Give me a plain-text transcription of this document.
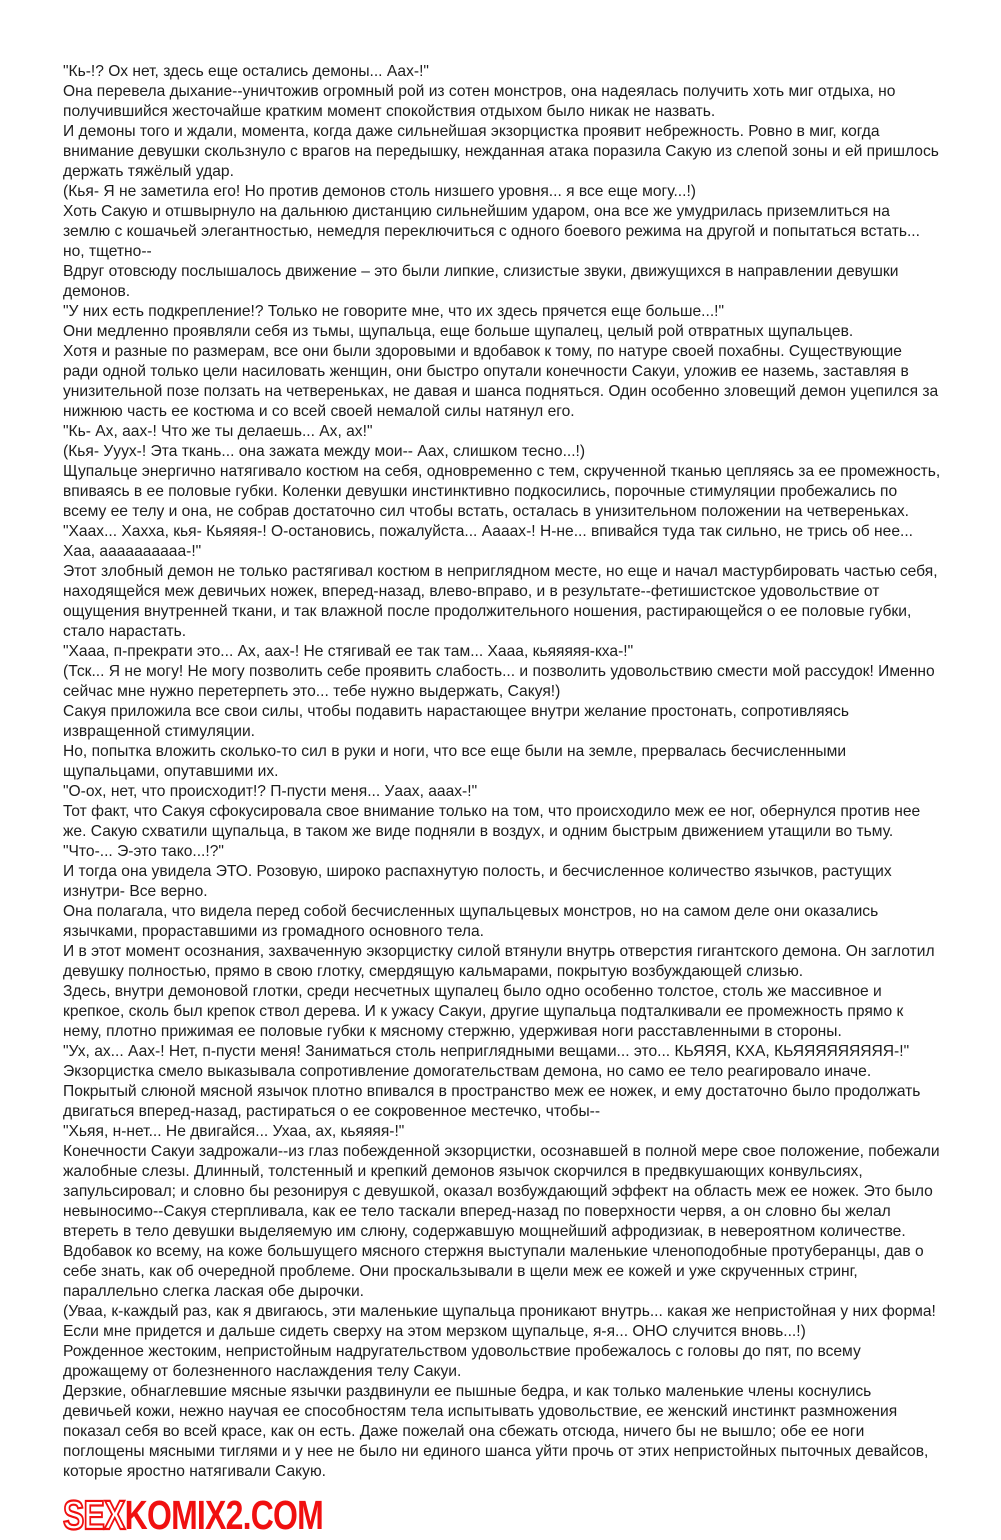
"Кь-!? Ох нет, здесь еще остались демоны... Аах-!"

Она перевела дыхание--уничтожив огромный рой из сотен монстров, она надеялась получить хоть миг отдыха, но получившийся жесточайше кратким момент спокойствия отдыхом было никак не назвать.

И демоны того и ждали, момента, когда даже сильнейшая экзорцистка проявит небрежность. Ровно в миг, когда внимание девушки скользнуло с врагов на передышку, нежданная атака поразила Сакую из слепой зоны и ей пришлось держать тяжёлый удар.

(Кья- Я не заметила его! Но против демонов столь низшего уровня... я все еще могу...!)

Хоть Сакую и отшвырнуло на дальнюю дистанцию сильнейшим ударом, она все же умудрилась приземлиться на землю с кошачьей элегантностью, немедля переключиться с одного боевого режима на другой и попытаться встать... но, тщетно--

Вдруг отовсюду послышалось движение – это были липкие, слизистые звуки, движущихся в направлении девушки демонов.

"У них есть подкрепление!? Только не говорите мне, что их здесь прячется еще больше...!"

Они медленно проявляли себя из тьмы, щупальца, еще больше щупалец, целый рой отвратных щупальцев.

Хотя и разные по размерам, все они были здоровыми и вдобавок к тому, по натуре своей похабны. Существующие ради одной только цели насиловать женщин, они быстро опутали конечности Сакуи, уложив ее наземь, заставляя в унизительной позе ползать на четвереньках, не давая и шанса подняться. Один особенно зловещий демон уцепился за нижнюю часть ее костюма и со всей своей немалой силы натянул его.

"Кь- Ах, аах-! Что же ты делаешь... Ах, ах!"

(Кья- Ууух-! Эта ткань... она зажата между мои-- Аах, слишком тесно...!)

Щупальце энергично натягивало костюм на себя, одновременно с тем, скрученной тканью цепляясь за ее промежность, впиваясь в ее половые губки. Коленки девушки инстинктивно подкосились, порочные стимуляции пробежались по всему ее телу и она, не собрав достаточно сил чтобы встать, осталась в унизительном положении на четвереньках.

"Хаах... Хахха, кья- Кьяяяя-! О-остановись, пожалуйста... Аааах-! Н-не... впивайся туда так сильно, не трись об нее... Хаа, аааааааааа-!"

Этот злобный демон не только растягивал костюм в неприглядном месте, но еще и начал мастурбировать частью себя, находящейся меж девичьих ножек, вперед-назад, влево-вправо, и в результате--фетишистское удовольствие от ощущения внутренней ткани, и так влажной после продолжительного ношения, растирающейся о ее половые губки, стало нарастать.

"Хааа, п-прекрати это... Ах, аах-! Не стягивай ее так там... Хааа, кьяяяяя-кха-!"

(Тск... Я не могу! Не могу позволить себе проявить слабость... и позволить удовольствию смести мой рассудок! Именно сейчас мне нужно перетерпеть это... тебе нужно выдержать, Сакуя!)

Сакуя приложила все свои силы, чтобы подавить нарастающее внутри желание простонать, сопротивляясь извращенной стимуляции.

Но, попытка вложить сколько-то сил в руки и ноги, что все еще были на земле, прервалась бесчисленными щупальцами, опутавшими их.

"О-ох, нет, что происходит!? П-пусти меня... Уаах, ааах-!"

Тот факт, что Сакуя сфокусировала свое внимание только на том, что происходило меж ее ног, обернулся против нее же. Сакую схватили щупальца, в таком же виде подняли в воздух, и одним быстрым движением утащили во тьму.

"Что-... Э-это тако...!?"

И тогда она увидела ЭТО. Розовую, широко распахнутую полость, и бесчисленное количество язычков, растущих изнутри- Все верно.

Она полагала, что видела перед собой бесчисленных щупальцевых монстров, но на самом деле они оказались язычками, прораставшими из громадного основного тела.

И в этот момент осознания, захваченную экзорцистку силой втянули внутрь отверстия гигантского демона. Он заглотил девушку полностью, прямо в свою глотку, смердящую кальмарами, покрытую возбуждающей слизью.

Здесь, внутри демоновой глотки, среди несчетных щупалец было одно особенно толстое, столь же массивное и крепкое, сколь был крепок ствол дерева. И к ужасу Сакуи, другие щупальца подталкивали ее промежность прямо к нему, плотно прижимая ее половые губки к мясному стержню, удерживая ноги расставленными в стороны.

"Ух, ах... Аах-! Нет, п-пусти меня! Заниматься столь неприглядными вещами... это... КЬЯЯЯ, КХА, КЬЯЯЯЯЯЯЯЯЯ-!"

Экзорцистка смело выказывала сопротивление домогательствам демона, но само ее тело реагировало иначе.

Покрытый слюной мясной язычок плотно впивался в пространство меж ее ножек, и ему достаточно было продолжать двигаться вперед-назад, растираться о ее сокровенное местечко, чтобы--

"Хьяя, н-нет... Не двигайся... Ухаа, ах, кьяяяя-!"

Конечности Сакуи задрожали--из глаз побежденной экзорцистки, осознавшей в полной мере свое положение, побежали жалобные слезы. Длинный, толстенный и крепкий демонов язычок скорчился в предвкушающих конвульсиях, запульсировал; и словно бы резонируя с девушкой, оказал возбуждающий эффект на область меж ее ножек. Это было невыносимо--Сакуя стерпливала, как ее тело таскали вперед-назад по поверхности червя, а он словно бы желал втереть в тело девушки выделяемую им слюну, содержавшую мощнейший афродизиак, в невероятном количестве.

Вдобавок ко всему, на коже большущего мясного стержня выступали маленькие членоподобные протуберанцы, дав о себе знать, как об очередной проблеме. Они проскальзывали в щели меж ее кожей и уже скрученных стринг, параллельно слегка лаская обе дырочки.

(Уваа, к-каждый раз, как я двигаюсь, эти маленькие щупальца проникают внутрь... какая же непристойная у них форма! Если мне придется и дальше сидеть сверху на этом мерзком щупальце, я-я... ОНО случится вновь...!)

Рожденное жестоким, непристойным надругательством удовольствие пробежалось с головы до пят, по всему дрожащему от болезненного наслаждения телу Сакуи.

Дерзкие, обнаглевшие мясные язычки раздвинули ее пышные бедра, и как только маленькие члены коснулись девичьей кожи, нежно научая ее способностям тела испытывать удовольствие, ее женский инстинкт размножения показал себя во всей красе, как он есть. Даже пожелай она сбежать отсюда, ничего бы не вышло; обе ее ноги поглощены мясными тиглями и у нее не было ни единого шанса уйти прочь от этих непристойных пыточных девайсов, которые яростно натягивали Сакую.

SEXKOMIX2.COM
